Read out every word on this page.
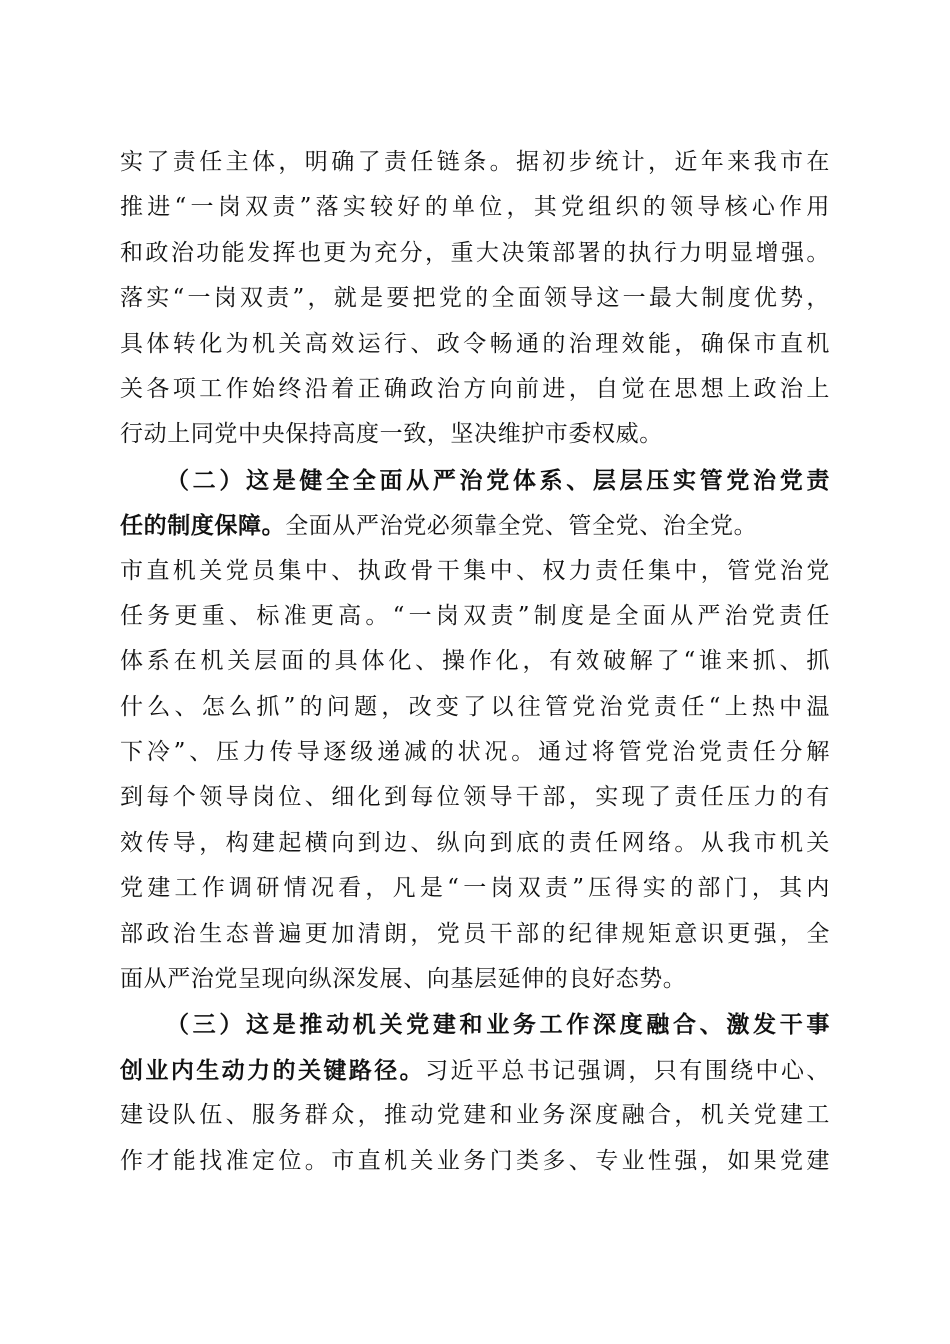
实了责任主体，明确了责任链条。据初步统计，近年来我市在
推进“一岗双责”落实较好的单位，其党组织的领导核心作用
和政治功能发挥也更为充分，重大决策部署的执行力明显增强。
落实“一岗双责”，就是要把党的全面领导这一最大制度优势，
具体转化为机关高效运行、政令畅通的治理效能，确保市直机
关各项工作始终沿着正确政治方向前进，自觉在思想上政治上
行动上同党中央保持高度一致，坚决维护市委权威。
（二）这是健全全面从严治党体系、层层压实管党治党责
任的制度保障。全面从严治党必须靠全党、管全党、治全党。
市直机关党员集中、执政骨干集中、权力责任集中，管党治党
任务更重、标准更高。“一岗双责”制度是全面从严治党责任
体系在机关层面的具体化、操作化，有效破解了“谁来抓、抓
什么、怎么抓”的问题，改变了以往管党治党责任“上热中温
下冷”、压力传导逐级递减的状况。通过将管党治党责任分解
到每个领导岗位、细化到每位领导干部，实现了责任压力的有
效传导，构建起横向到边、纵向到底的责任网络。从我市机关
党建工作调研情况看，凡是“一岗双责”压得实的部门，其内
部政治生态普遍更加清朗，党员干部的纪律规矩意识更强，全
面从严治党呈现向纵深发展、向基层延伸的良好态势。
（三）这是推动机关党建和业务工作深度融合、激发干事
创业内生动力的关键路径。习近平总书记强调，只有围绕中心、
建设队伍、服务群众，推动党建和业务深度融合，机关党建工
作才能找准定位。市直机关业务门类多、专业性强，如果党建
